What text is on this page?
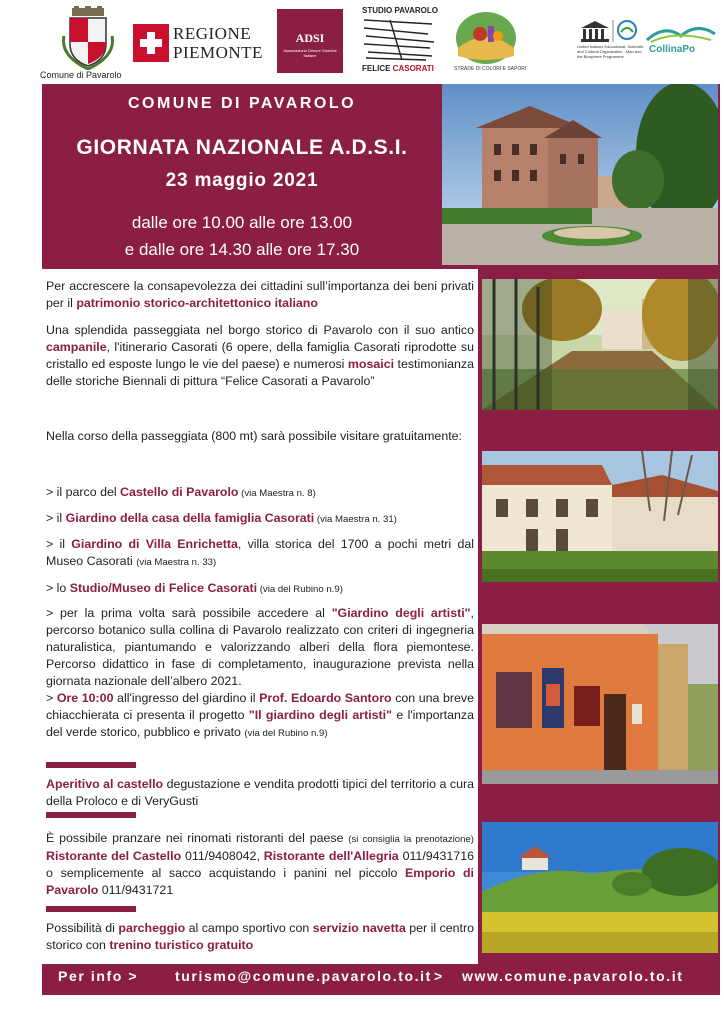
Comune di Pavarolo
REGIONE
PIEMONTE
ADSI
Associazione Dimore Storiche Italiane
STUDIO PAVAROLO
FELICE CASORATI	STRADE DI COLORI E SAPORI
United Nations Educational, Scientific and Cultural Organization · Man and the Biosphere Programme
CollinaPo
COMUNE DI PAVAROLO
GIORNATA NAZIONALE A.D.S.I.
23 maggio 2021
dalle ore 10.00 alle ore 13.00
e dalle ore 14.30 alle ore 17.30
Per accrescere la consapevolezza dei cittadini sull’importanza dei beni privati per il patrimonio storico-architettonico italiano
Una splendida passeggiata nel borgo storico di Pavarolo con il suo antico campanile, l'itinerario Casorati (6 opere, della famiglia Casorati riprodotte su cristallo ed esposte lungo le vie del paese) e numerosi mosaici testimonianza delle storiche Biennali di pittura “Felice Casorati a Pavarolo”
Nella corso della passeggiata (800 mt) sarà possibile visitare gratuitamente:
> il parco del Castello di Pavarolo (via Maestra n. 8)
> il Giardino della casa della famiglia Casorati (via Maestra n. 31)
> il Giardino di Villa Enrichetta, villa storica del 1700 a pochi metri dal Museo Casorati (via Maestra n. 33)
> lo Studio/Museo di Felice Casorati (via del Rubino n.9)
> per la prima volta sarà possibile accedere al "Giardino degli artisti", percorso botanico sulla collina di Pavarolo realizzato con criteri di ingegneria naturalistica, piantumando e valorizzando alberi della flora piemontese. Percorso didattico in fase di completamento, inaugurazione prevista nella giornata nazionale dell’albero 2021.
> Ore 10:00 all'ingresso del giardino il Prof. Edoardo Santoro con una breve chiacchierata ci presenta il progetto "Il giardino degli artisti" e l'importanza del verde storico, pubblico e privato (via del Rubino n.9)
Aperitivo al castello degustazione e vendita prodotti tipici del territorio a cura della Proloco e di VeryGusti
È possibile pranzare nei rinomati ristoranti del paese (si consiglia la prenotazione) Ristorante del Castello 011/9408042, Ristorante dell'Allegria 011/9431716 o semplicemente al sacco acquistando i panini nel piccolo Emporio di Pavarolo 011/9431721
Possibilità di parcheggio al campo sportivo con servizio navetta per il centro storico con trenino turistico gratuito
Per info >	turismo@comune.pavarolo.to.it > www.comune.pavarolo.to.it
